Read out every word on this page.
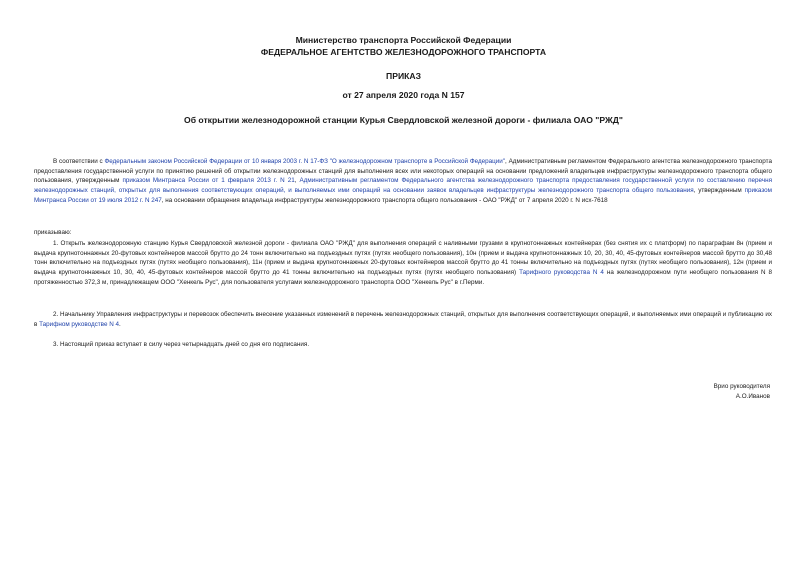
Министерство транспорта Российской Федерации
ФЕДЕРАЛЬНОЕ АГЕНТСТВО ЖЕЛЕЗНОДОРОЖНОГО ТРАНСПОРТА
ПРИКАЗ
от 27 апреля 2020 года N 157
Об открытии железнодорожной станции Курья Свердловской железной дороги - филиала ОАО "РЖД"
В соответствии с Федеральным законом Российской Федерации от 10 января 2003 г. N 17-ФЗ "О железнодорожном транспорте в Российской Федерации", Административным регламентом Федерального агентства железнодорожного транспорта предоставления государственной услуги по принятию решений об открытии железнодорожных станций для выполнения всех или некоторых операций на основании предложений владельцев инфраструктуры железнодорожного транспорта общего пользования, утвержденным приказом Минтранса России от 1 февраля 2013 г. N 21, Административным регламентом Федерального агентства железнодорожного транспорта предоставления государственной услуги по составлению перечня железнодорожных станций, открытых для выполнения соответствующих операций, и выполняемых ими операций на основании заявок владельцев инфраструктуры железнодорожного транспорта общего пользования, утвержденным приказом Минтранса России от 19 июля 2012 г. N 247, на основании обращения владельца инфраструктуры железнодорожного транспорта общего пользования - ОАО "РЖД" от 7 апреля 2020 г. N исх-7618
приказываю:
1. Открыть железнодорожную станцию Курья Свердловской железной дороги - филиала ОАО "РЖД" для выполнения операций с наливными грузами в крупнотоннажных контейнерах (без снятия их с платформ) по параграфам 8н (прием и выдача крупнотоннажных 20-футовых контейнеров массой брутто до 24 тонн включительно на подъездных путях (путях необщего пользования), 10н (прием и выдача крупнотоннажных 10, 20, 30, 40, 45-футовых контейнеров массой брутто до 30,48 тонн включительно на подъездных путях (путях необщего пользования), 11н (прием и выдача крупнотоннажных 20-футовых контейнеров массой брутто до 41 тонны включительно на подъездных путях (путях необщего пользования), 12н (прием и выдача крупнотоннажных 10, 30, 40, 45-футовых контейнеров массой брутто до 41 тонны включительно на подъездных путях (путях необщего пользования) Тарифного руководства N 4 на железнодорожном пути необщего пользования N 8 протяженностью 372,3 м, принадлежащем ООО "Хенкель Рус", для пользователя услугами железнодорожного транспорта ООО "Хенкель Рус" в г.Перми.
2. Начальнику Управления инфраструктуры и перевозок обеспечить внесение указанных изменений в перечень железнодорожных станций, открытых для выполнения соответствующих операций, и выполняемых ими операций и публикацию их в Тарифном руководстве N 4.
3. Настоящий приказ вступает в силу через четырнадцать дней со дня его подписания.
Врио руководителя
А.О.Иванов
